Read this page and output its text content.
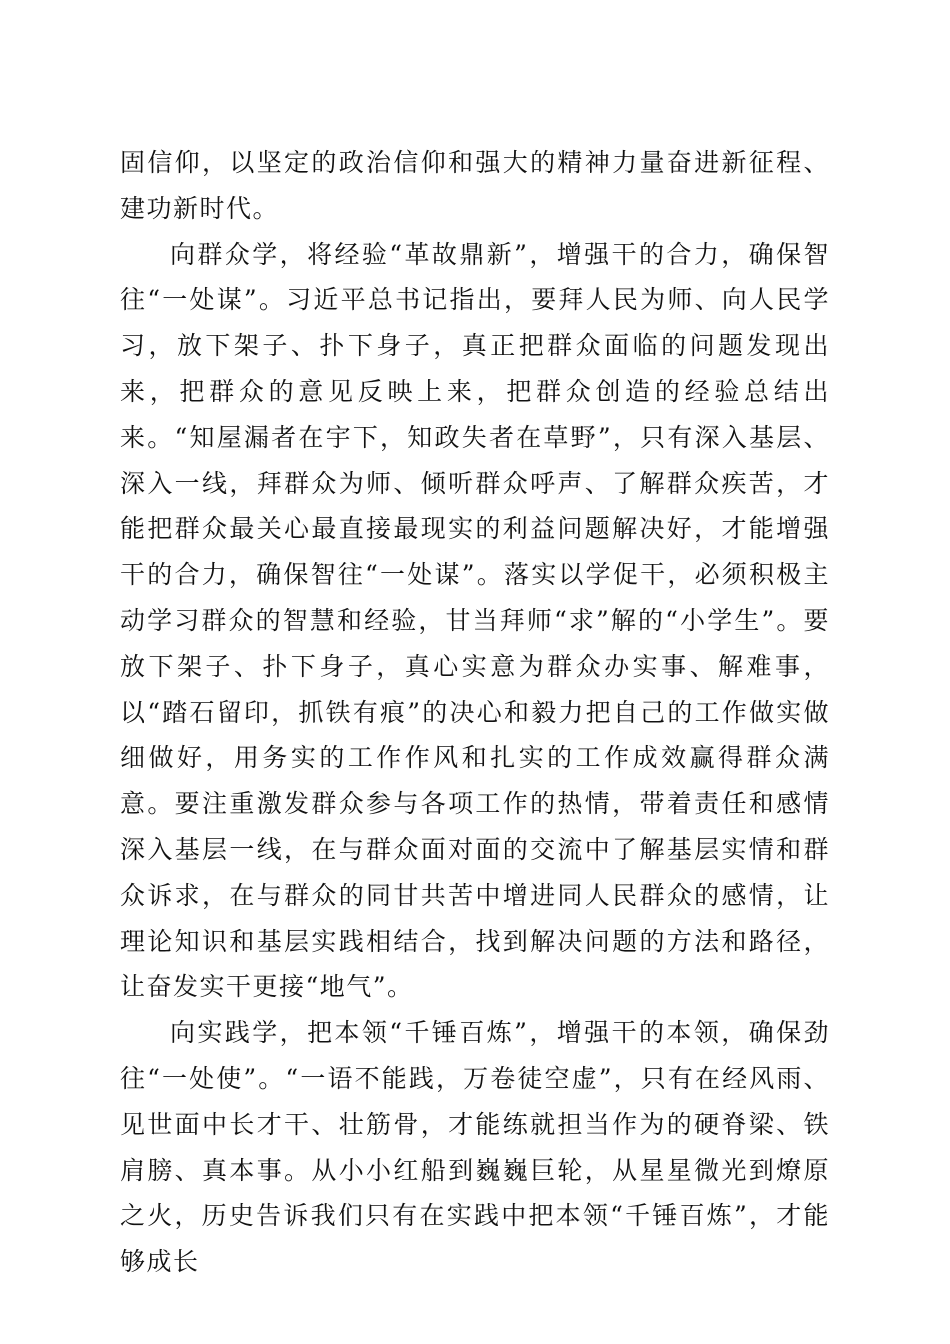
固信仰，以坚定的政治信仰和强大的精神力量奋进新征程、建功新时代。

向群众学，将经验“革故鼎新”，增强干的合力，确保智往“一处谋”。习近平总书记指出，要拜人民为师、向人民学习，放下架子、扑下身子，真正把群众面临的问题发现出来，把群众的意见反映上来，把群众创造的经验总结出来。“知屋漏者在宇下，知政失者在草野”，只有深入基层、深入一线，拜群众为师、倾听群众呼声、了解群众疾苦，才能把群众最关心最直接最现实的利益问题解决好，才能增强干的合力，确保智往“一处谋”。落实以学促干，必须积极主动学习群众的智慧和经验，甘当拜师“求”解的“小学生”。要放下架子、扑下身子，真心实意为群众办实事、解难事，以“踏石留印，抓铁有痕”的决心和毅力把自己的工作做实做细做好，用务实的工作作风和扎实的工作成效赢得群众满意。要注重激发群众参与各项工作的热情，带着责任和感情深入基层一线，在与群众面对面的交流中了解基层实情和群众诉求，在与群众的同甘共苦中增进同人民群众的感情，让理论知识和基层实践相结合，找到解决问题的方法和路径，让奋发实干更接“地气”。

向实践学，把本领“千锤百炼”，增强干的本领，确保劲往“一处使”。“一语不能践，万卷徒空虚”，只有在经风雨、见世面中长才干、壮筋骨，才能练就担当作为的硬脊梁、铁肩膀、真本事。从小小红船到巍巍巨轮，从星星微光到燎原之火，历史告诉我们只有在实践中把本领“千锤百炼”，才能够成长
